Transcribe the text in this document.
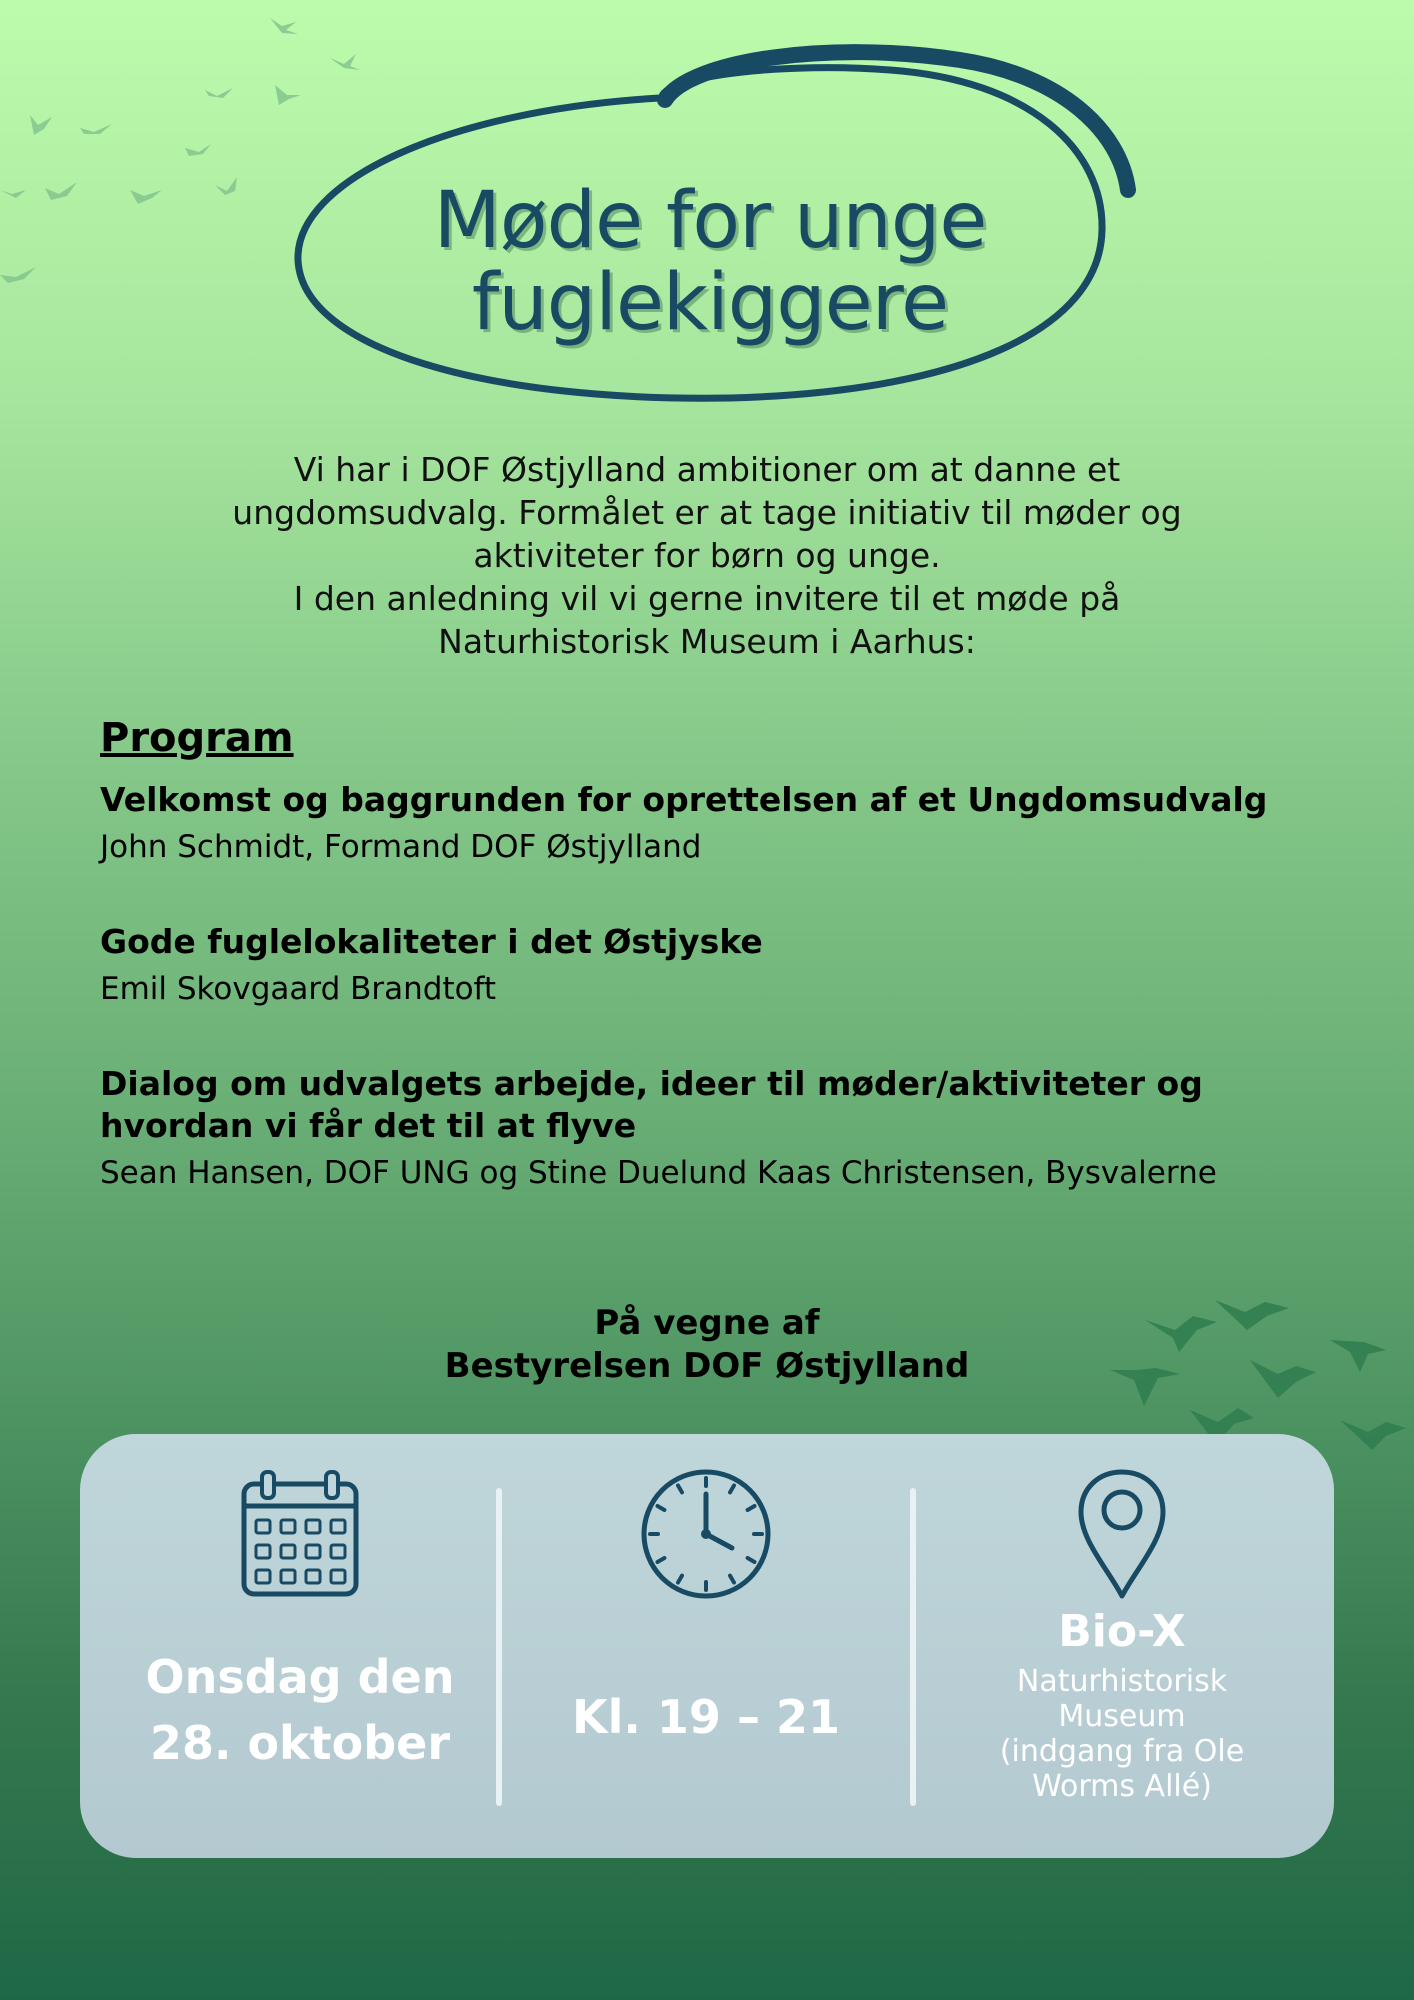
Møde for unge
fuglekiggere
Vi har i DOF Østjylland ambitioner om at danne et
ungdomsudvalg. Formålet er at tage initiativ til møder og
aktiviteter for børn og unge.
I den anledning vil vi gerne invitere til et møde på
Naturhistorisk Museum i Aarhus:
Program
Velkomst og baggrunden for oprettelsen af et Ungdomsudvalg
John Schmidt, Formand DOF Østjylland
Gode fuglelokaliteter i det Østjyske
Emil Skovgaard Brandtoft
Dialog om udvalgets arbejde, ideer til møder/aktiviteter og
hvordan vi får det til at flyve
Sean Hansen, DOF UNG og Stine Duelund Kaas Christensen, Bysvalerne
På vegne af
Bestyrelsen DOF Østjylland
Onsdag den
28. oktober	Kl. 19 – 21
Bio-X
Naturhistorisk
Museum
(indgang fra Ole
Worms Allé)
